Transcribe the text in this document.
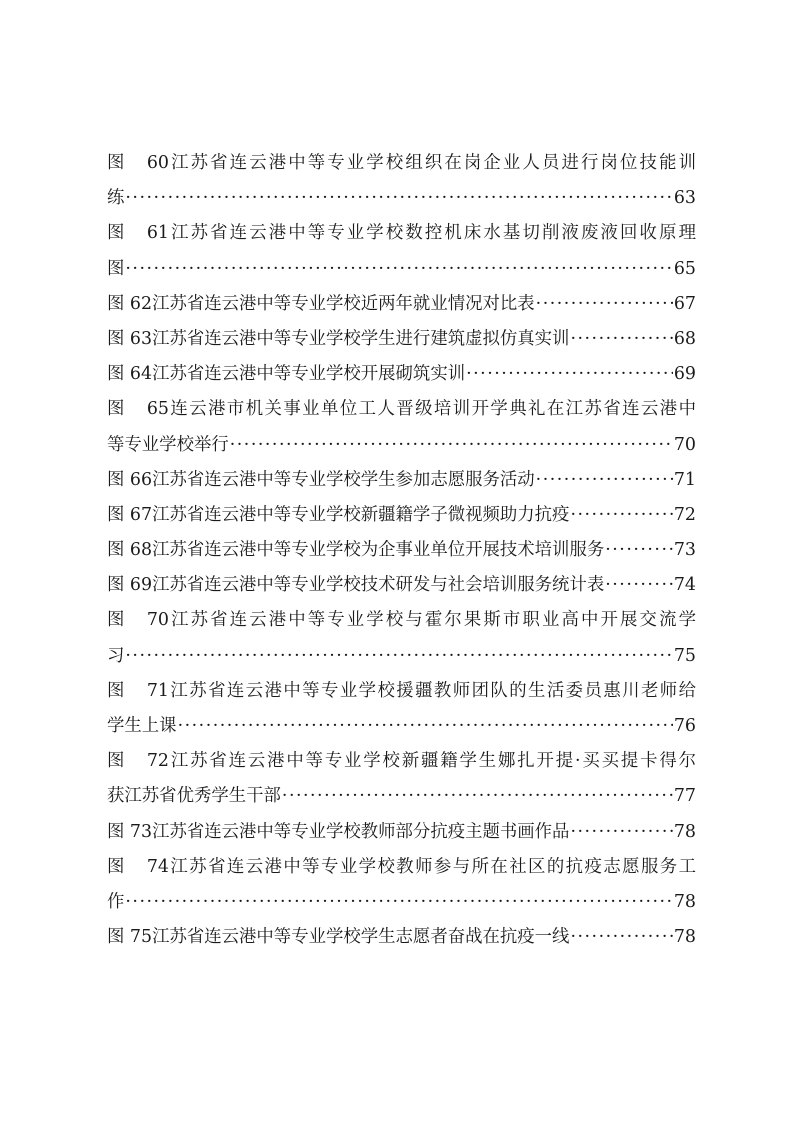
图 60江苏省连云港中等专业学校组织在岗企业人员进行岗位技能训
练 ·····	63
图 61江苏省连云港中等专业学校数控机床水基切削液废液回收原理
图 ·····	65
图 62 江苏省连云港中等专业学校近两年就业情况对比表 ·····	67
图 63 江苏省连云港中等专业学校学生进行建筑虚拟仿真实训 ·····	68
图 64 江苏省连云港中等专业学校开展砌筑实训 ·····	69
图 65连云港市机关事业单位工人晋级培训开学典礼在江苏省连云港中
等专业学校举行 ·····	70
图 66 江苏省连云港中等专业学校学生参加志愿服务活动 ·····	71
图 67 江苏省连云港中等专业学校新疆籍学子微视频助力抗疫 ·····	72
图 68 江苏省连云港中等专业学校为企事业单位开展技术培训服务 ·····	73
图 69 江苏省连云港中等专业学校技术研发与社会培训服务统计表 ·····	74
图 70江苏省连云港中等专业学校与霍尔果斯市职业高中开展交流学
习 ·····	75
图 71江苏省连云港中等专业学校援疆教师团队的生活委员惠川老师给
学生上课 ·····	76
图 72江苏省连云港中等专业学校新疆籍学生娜扎开提·买买提卡得尔
获江苏省优秀学生干部 ·····	77
图 73 江苏省连云港中等专业学校教师部分抗疫主题书画作品 ·····	78
图 74江苏省连云港中等专业学校教师参与所在社区的抗疫志愿服务工
作 ·····	78
图 75 江苏省连云港中等专业学校学生志愿者奋战在抗疫一线 ·····	78
